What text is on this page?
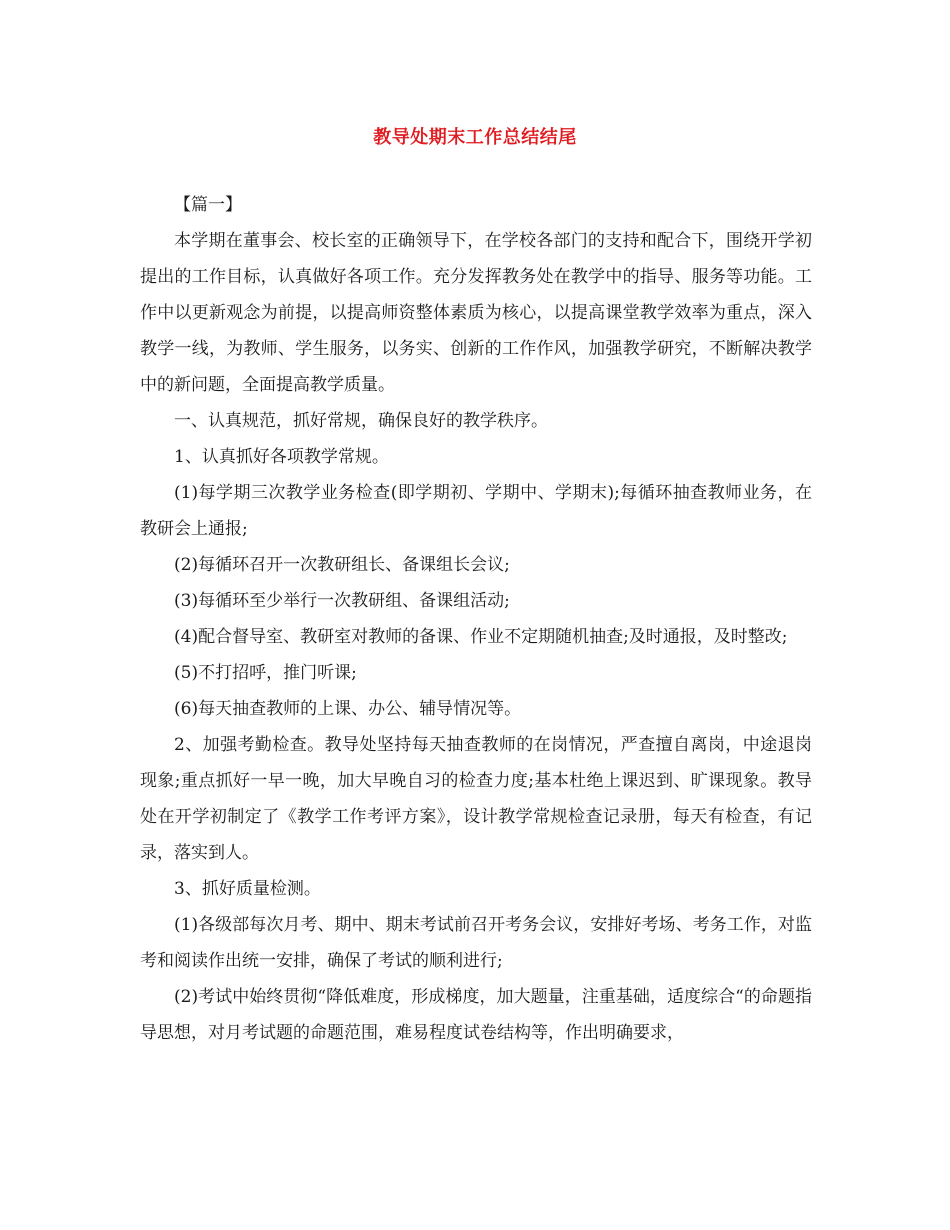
教导处期末工作总结结尾

【篇一】

本学期在董事会、校长室的正确领导下，在学校各部门的支持和配合下，围绕开学初提出的工作目标，认真做好各项工作。充分发挥教务处在教学中的指导、服务等功能。工作中以更新观念为前提，以提高师资整体素质为核心，以提高课堂教学效率为重点，深入教学一线，为教师、学生服务，以务实、创新的工作作风，加强教学研究，不断解决教学中的新问题，全面提高教学质量。

一、认真规范，抓好常规，确保良好的教学秩序。

1、认真抓好各项教学常规。

(1)每学期三次教学业务检查(即学期初、学期中、学期末);每循环抽查教师业务，在教研会上通报;

(2)每循环召开一次教研组长、备课组长会议;

(3)每循环至少举行一次教研组、备课组活动;

(4)配合督导室、教研室对教师的备课、作业不定期随机抽查;及时通报，及时整改;

(5)不打招呼，推门听课;

(6)每天抽查教师的上课、办公、辅导情况等。

2、加强考勤检查。教导处坚持每天抽查教师的在岗情况，严查擅自离岗，中途退岗现象;重点抓好一早一晚，加大早晚自习的检查力度;基本杜绝上课迟到、旷课现象。教导处在开学初制定了《教学工作考评方案》，设计教学常规检查记录册，每天有检查，有记录，落实到人。

3、抓好质量检测。

(1)各级部每次月考、期中、期末考试前召开考务会议，安排好考场、考务工作，对监考和阅读作出统一安排，确保了考试的顺利进行;

(2)考试中始终贯彻“降低难度，形成梯度，加大题量，注重基础，适度综合“的命题指导思想，对月考试题的命题范围，难易程度试卷结构等，作出明确要求，
